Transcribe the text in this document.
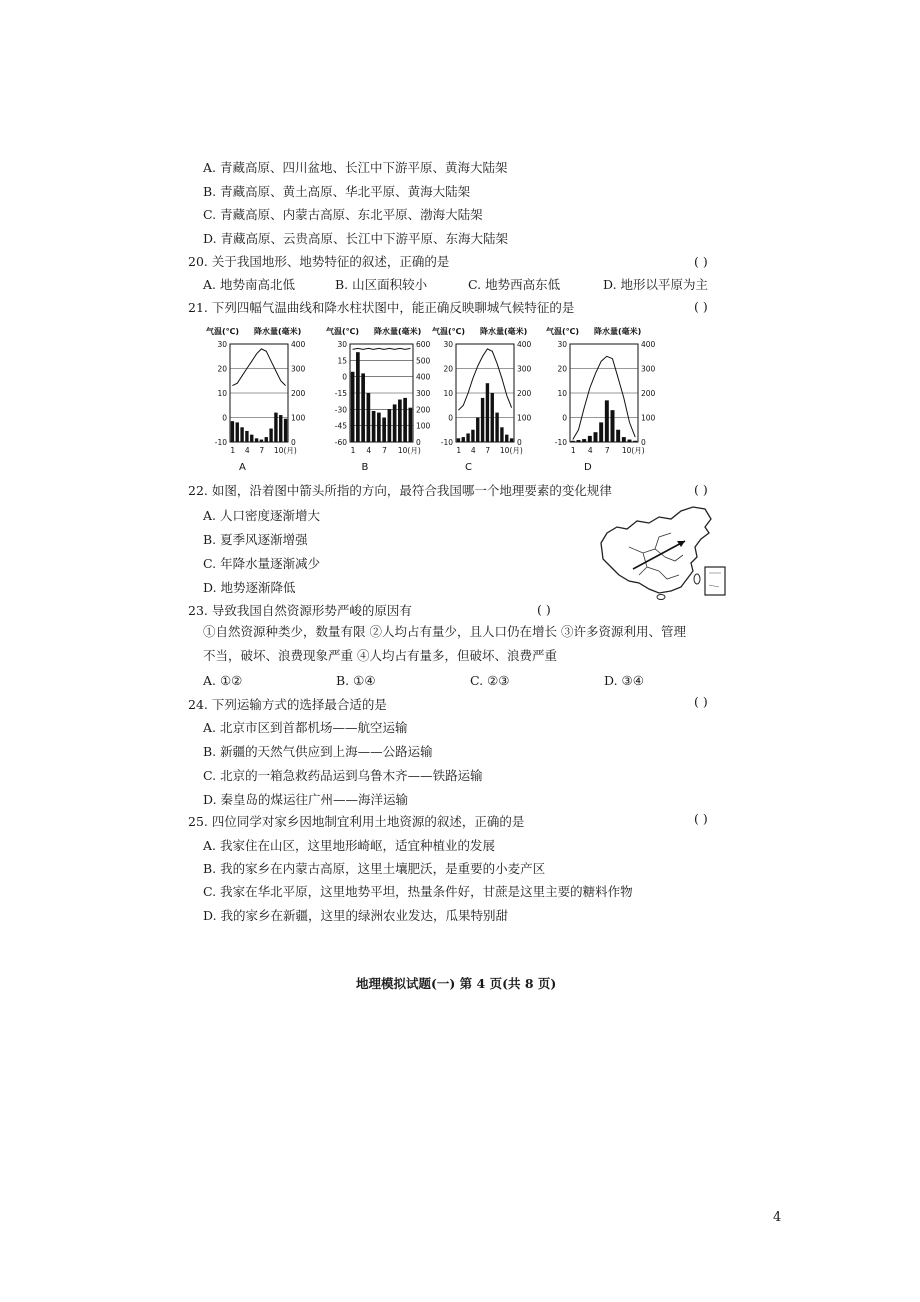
A. 青藏高原、四川盆地、长江中下游平原、黄海大陆架
B. 青藏高原、黄土高原、华北平原、黄海大陆架
C. 青藏高原、内蒙古高原、东北平原、渤海大陆架
D. 青藏高原、云贵高原、长江中下游平原、东海大陆架
20. 关于我国地形、地势特征的叙述，正确的是	( )
A. 地势南高北低	B. 山区面积较小	C. 地势西高东低	D. 地形以平原为主
21. 下列四幅气温曲线和降水柱状图中，能正确反映聊城气候特征的是	( )
气温(℃) 降水量(毫米)
30
20
10
0
-10
400
300
200
100
0
1 4 7 10(月)
A
气温(℃) 降水量(毫米)
30
15
0
-15
-30
-45
-60
600
500
400
300
200
100
0
1 4 7 10(月)
B
气温(℃) 降水量(毫米)
30
20
10
0
-10
400
300
200
100
0
1 4 7 10(月)
C
气温(℃) 降水量(毫米)
30
20
10
0
-10
400
300
200
100
0
1 4 7 10(月)
D
22. 如图，沿着图中箭头所指的方向，最符合我国哪一个地理要素的变化规律	( )
A. 人口密度逐渐增大
B. 夏季风逐渐增强
C. 年降水量逐渐减少
D. 地势逐渐降低
23. 导致我国自然资源形势严峻的原因有	( )
①自然资源种类少，数量有限 ②人均占有量少，且人口仍在增长 ③许多资源利用、管理
不当，破坏、浪费现象严重 ④人均占有量多，但破坏、浪费严重
A. ①②	B. ①④	C. ②③	D. ③④
24. 下列运输方式的选择最合适的是	( )
A. 北京市区到首都机场——航空运输
B. 新疆的天然气供应到上海——公路运输
C. 北京的一箱急救药品运到乌鲁木齐——铁路运输
D. 秦皇岛的煤运往广州——海洋运输
25. 四位同学对家乡因地制宜利用土地资源的叙述，正确的是	( )
A. 我家住在山区，这里地形崎岖，适宜种植业的发展
B. 我的家乡在内蒙古高原，这里土壤肥沃，是重要的小麦产区
C. 我家在华北平原，这里地势平坦，热量条件好，甘蔗是这里主要的糖料作物
D. 我的家乡在新疆，这里的绿洲农业发达，瓜果特别甜
地理模拟试题(一) 第 4 页(共 8 页)
4
